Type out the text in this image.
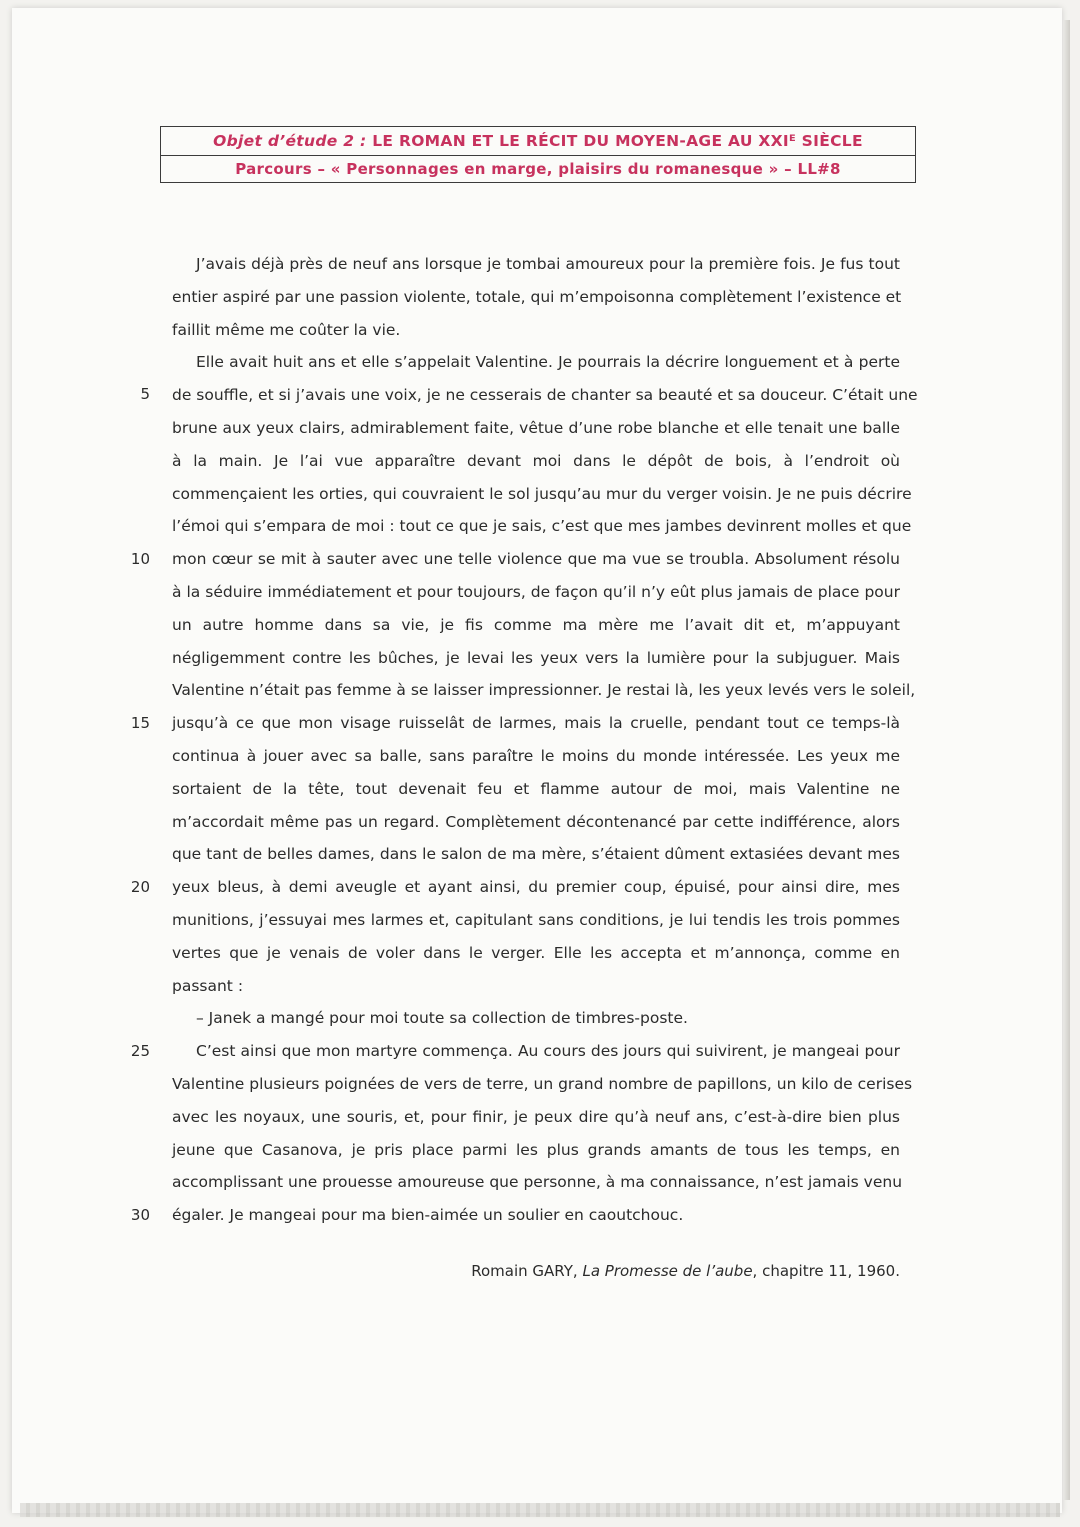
Objet d’étude 2 : LE ROMAN ET LE RÉCIT DU MOYEN-AGE AU XXIᴱ SIÈCLE
Parcours – « Personnages en marge, plaisirs du romanesque » – LL#8
J’avais déjà près de neuf ans lorsque je tombai amoureux pour la première fois. Je fus tout
entier aspiré par une passion violente, totale, qui m’empoisonna complètement l’existence et
faillit même me coûter la vie.
Elle avait huit ans et elle s’appelait Valentine. Je pourrais la décrire longuement et à perte
de souffle, et si j’avais une voix, je ne cesserais de chanter sa beauté et sa douceur. C’était une
brune aux yeux clairs, admirablement faite, vêtue d’une robe blanche et elle tenait une balle
à la main. Je l’ai vue apparaître devant moi dans le dépôt de bois, à l’endroit où
commençaient les orties, qui couvraient le sol jusqu’au mur du verger voisin. Je ne puis décrire
l’émoi qui s’empara de moi : tout ce que je sais, c’est que mes jambes devinrent molles et que
mon cœur se mit à sauter avec une telle violence que ma vue se troubla. Absolument résolu
à la séduire immédiatement et pour toujours, de façon qu’il n’y eût plus jamais de place pour
un autre homme dans sa vie, je fis comme ma mère me l’avait dit et, m’appuyant
négligemment contre les bûches, je levai les yeux vers la lumière pour la subjuguer. Mais
Valentine n’était pas femme à se laisser impressionner. Je restai là, les yeux levés vers le soleil,
jusqu’à ce que mon visage ruisselât de larmes, mais la cruelle, pendant tout ce temps-là
continua à jouer avec sa balle, sans paraître le moins du monde intéressée. Les yeux me
sortaient de la tête, tout devenait feu et flamme autour de moi, mais Valentine ne
m’accordait même pas un regard. Complètement décontenancé par cette indifférence, alors
que tant de belles dames, dans le salon de ma mère, s’étaient dûment extasiées devant mes
yeux bleus, à demi aveugle et ayant ainsi, du premier coup, épuisé, pour ainsi dire, mes
munitions, j’essuyai mes larmes et, capitulant sans conditions, je lui tendis les trois pommes
vertes que je venais de voler dans le verger. Elle les accepta et m’annonça, comme en
passant :
– Janek a mangé pour moi toute sa collection de timbres-poste.
C’est ainsi que mon martyre commença. Au cours des jours qui suivirent, je mangeai pour
Valentine plusieurs poignées de vers de terre, un grand nombre de papillons, un kilo de cerises
avec les noyaux, une souris, et, pour finir, je peux dire qu’à neuf ans, c’est-à-dire bien plus
jeune que Casanova, je pris place parmi les plus grands amants de tous les temps, en
accomplissant une prouesse amoureuse que personne, à ma connaissance, n’est jamais venu
égaler. Je mangeai pour ma bien-aimée un soulier en caoutchouc.
5
10
15
20
25
30
Romain GARY, La Promesse de l’aube, chapitre 11, 1960.
